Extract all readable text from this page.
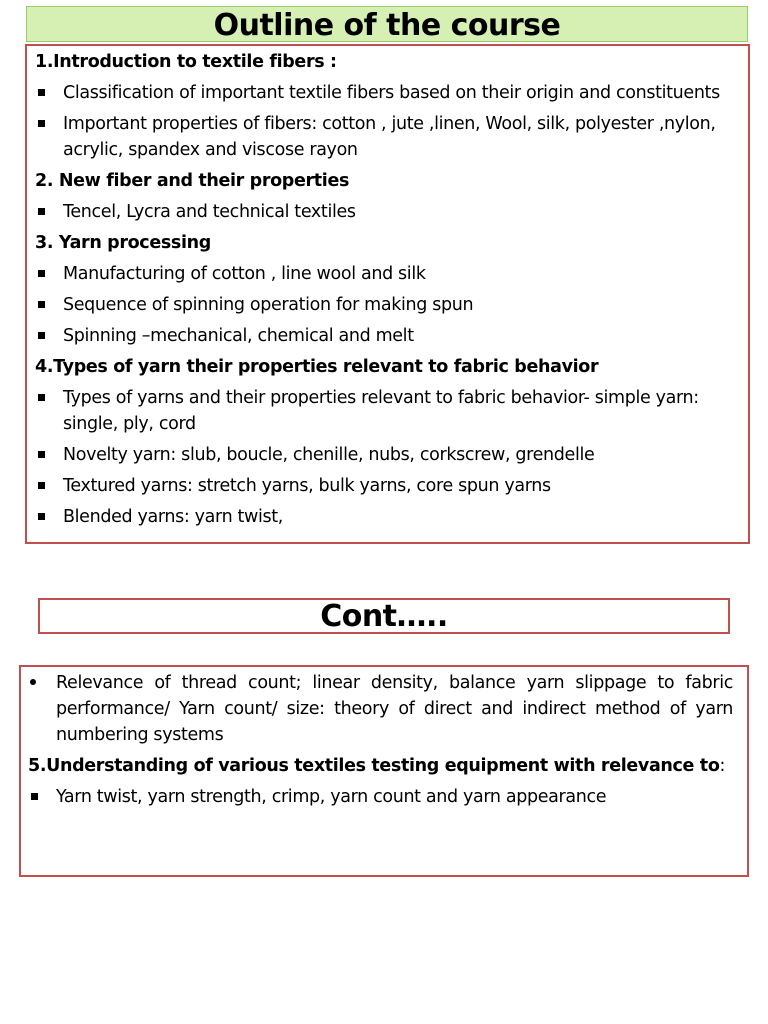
Outline of the course
1.Introduction to textile fibers :
Classification of important textile fibers based on their origin and constituents
Important properties of fibers: cotton , jute ,linen, Wool, silk, polyester ,nylon, acrylic, spandex and viscose rayon
2. New fiber and their properties
Tencel, Lycra and technical textiles
3. Yarn processing
Manufacturing of cotton , line wool and silk
Sequence of spinning operation for making spun
Spinning –mechanical, chemical and melt
4.Types of yarn their properties relevant to fabric behavior
Types of yarns and their properties relevant to fabric behavior- simple yarn: single, ply, cord
Novelty yarn: slub, boucle, chenille, nubs, corkscrew, grendelle
Textured yarns: stretch yarns, bulk yarns, core spun yarns
Blended yarns: yarn twist,
Cont…..
Relevance of thread count; linear density, balance yarn slippage to fabric performance/ Yarn count/ size: theory of direct and indirect method of yarn numbering systems
5.Understanding of various textiles testing equipment with relevance to:
Yarn twist, yarn strength, crimp, yarn count and yarn appearance
